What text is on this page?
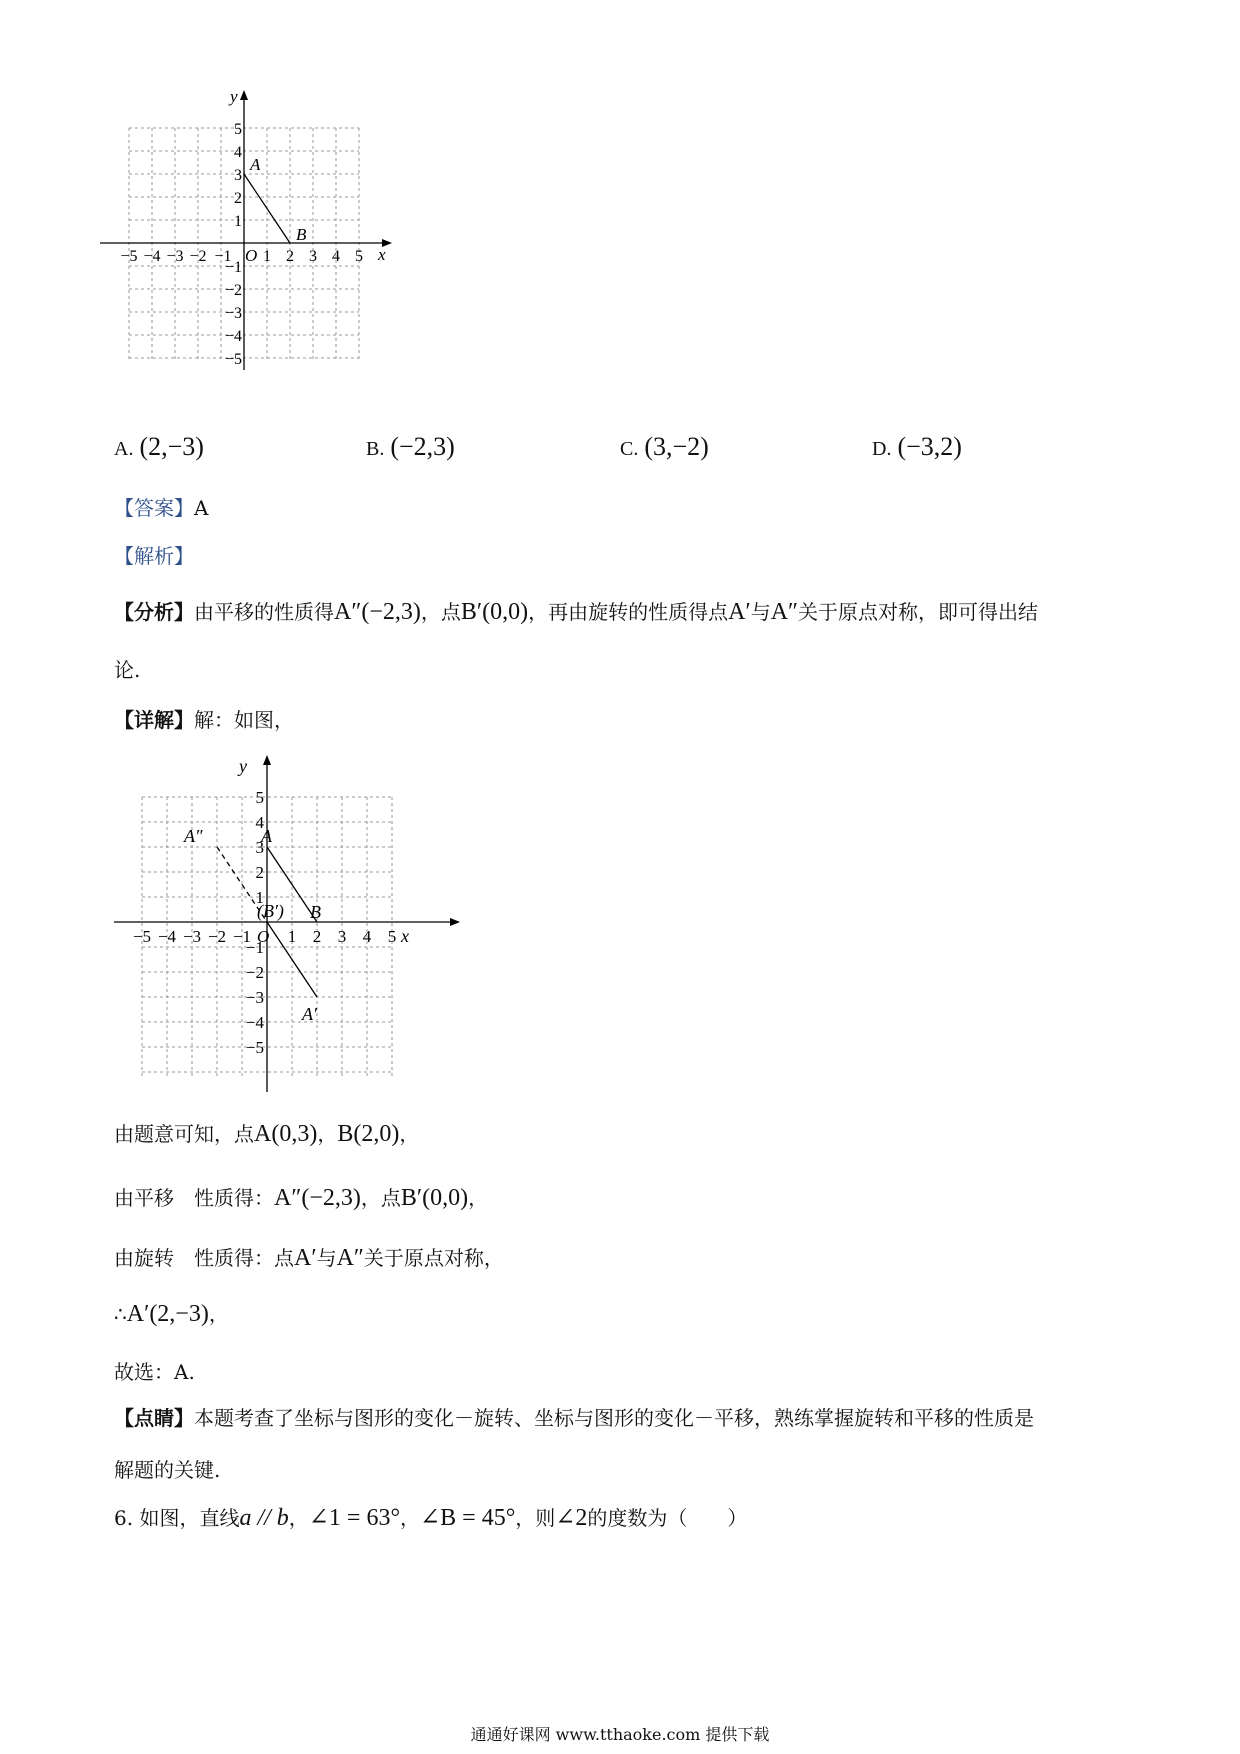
x
y
O
A
B
−5 −4 −3 −2 −1 1 2 3 4 5
5
4
3
2
1
−1
−2
−3
−4
−5
A. (2,−3)	B. (−2,3)	C. (3,−2)	D. (−3,2)
【答案】A
【解析】
【分析】由平移的性质得A″(−2,3)，点B′(0,0)，再由旋转的性质得点A′与A″关于原点对称，即可得出结
论.
【详解】解：如图，
x
y
O
A
B
A″
(B′)
A′
−5 −4 −3 −2 −1 1 2 3 4 5
5
4
3
2
1
−1
−2
−3
−4
−5
由题意可知，点A(0,3)，B(2,0)，
由平移　性质得：A″(−2,3)，点B′(0,0)，
由旋转　性质得：点A′与A″关于原点对称，
∴A′(2,−3)，
故选：A.
【点睛】本题考查了坐标与图形的变化－旋转、坐标与图形的变化－平移，熟练掌握旋转和平移的性质是
解题的关键.
6. 如图，直线a // b，∠1 = 63°，∠B = 45°，则∠2的度数为（　　）
通通好课网 www.tthaoke.com 提供下载
